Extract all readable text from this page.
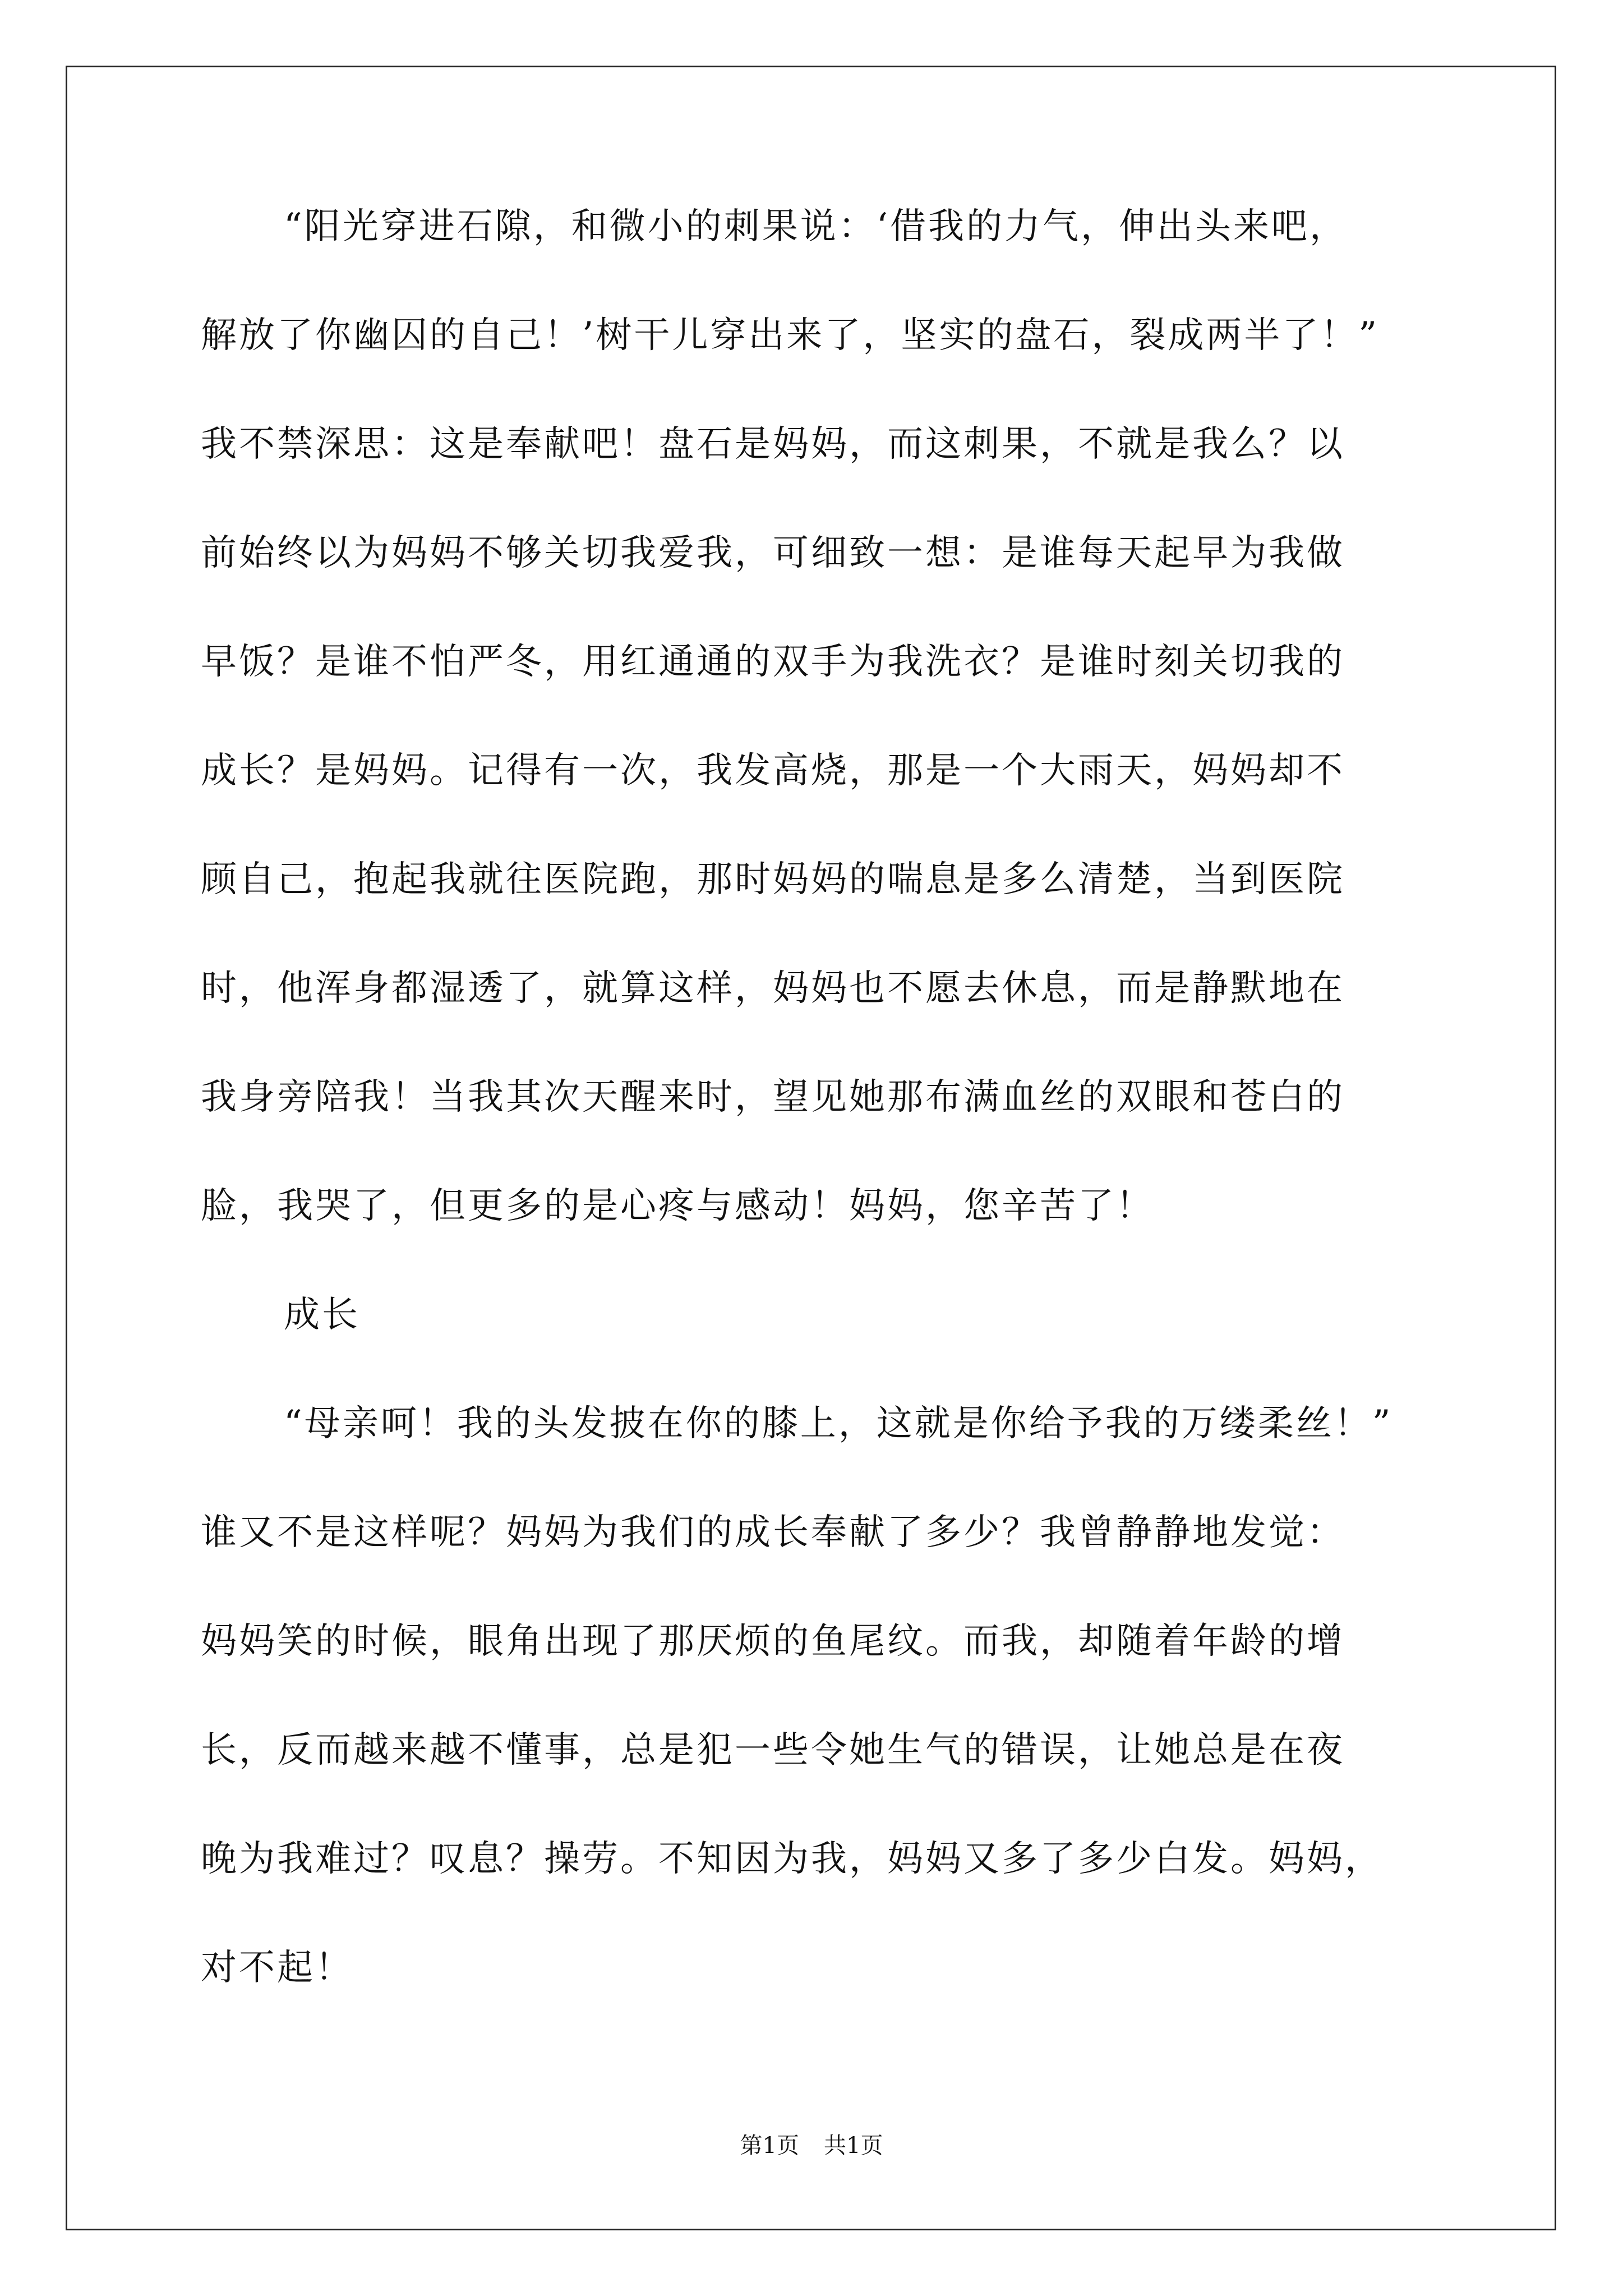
“阳光穿进石隙，和微小的刺果说：‘借我的力气，伸出头来吧，
解放了你幽囚的自己！’树干儿穿出来了，坚实的盘石，裂成两半了！”
我不禁深思：这是奉献吧！盘石是妈妈，而这刺果，不就是我么？以
前始终以为妈妈不够关切我爱我，可细致一想：是谁每天起早为我做
早饭？是谁不怕严冬，用红通通的双手为我洗衣？是谁时刻关切我的
成长？是妈妈。记得有一次，我发高烧，那是一个大雨天，妈妈却不
顾自己，抱起我就往医院跑，那时妈妈的喘息是多么清楚，当到医院
时，他浑身都湿透了，就算这样，妈妈也不愿去休息，而是静默地在
我身旁陪我！当我其次天醒来时，望见她那布满血丝的双眼和苍白的
脸，我哭了，但更多的是心疼与感动！妈妈，您辛苦了！
成长
“母亲呵！我的头发披在你的膝上，这就是你给予我的万缕柔丝！”
谁又不是这样呢？妈妈为我们的成长奉献了多少？我曾静静地发觉：
妈妈笑的时候，眼角出现了那厌烦的鱼尾纹。而我，却随着年龄的增
长，反而越来越不懂事，总是犯一些令她生气的错误，让她总是在夜
晚为我难过？叹息？操劳。不知因为我，妈妈又多了多少白发。妈妈，
对不起！
第1页 共1页
